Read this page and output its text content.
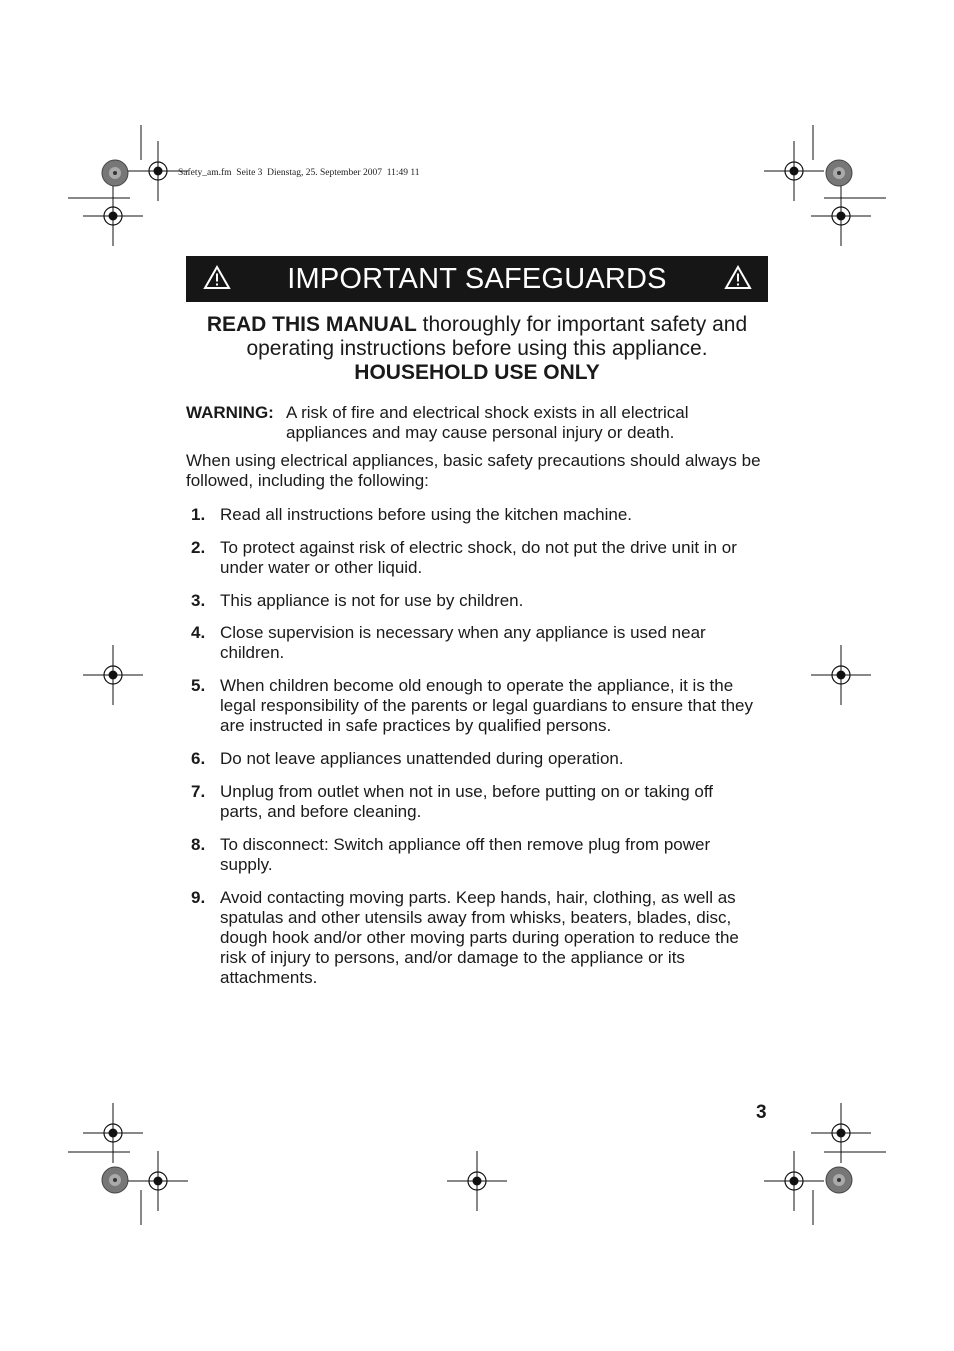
Safety_am.fm  Seite 3  Dienstag, 25. September 2007  11:49 11
IMPORTANT SAFEGUARDS
READ THIS MANUAL thoroughly for important safety and
operating instructions before using this appliance.
HOUSEHOLD USE ONLY
WARNING: A risk of fire and electrical shock exists in all electrical appliances and may cause personal injury or death.
When using electrical appliances, basic safety precautions should always be followed, including the following:
1. Read all instructions before using the kitchen machine.
2. To protect against risk of electric shock, do not put the drive unit in or under water or other liquid.
3. This appliance is not for use by children.
4. Close supervision is necessary when any appliance is used near children.
5. When children become old enough to operate the appliance, it is the legal responsibility of the parents or legal guardians to ensure that they are instructed in safe practices by qualified persons.
6. Do not leave appliances unattended during operation.
7. Unplug from outlet when not in use, before putting on or taking off parts, and before cleaning.
8. To disconnect: Switch appliance off then remove plug from power supply.
9. Avoid contacting moving parts. Keep hands, hair, clothing, as well as spatulas and other utensils away from whisks, beaters, blades, disc, dough hook and/or other moving parts during operation to reduce the risk of injury to persons, and/or damage to the appliance or its attachments.
3
